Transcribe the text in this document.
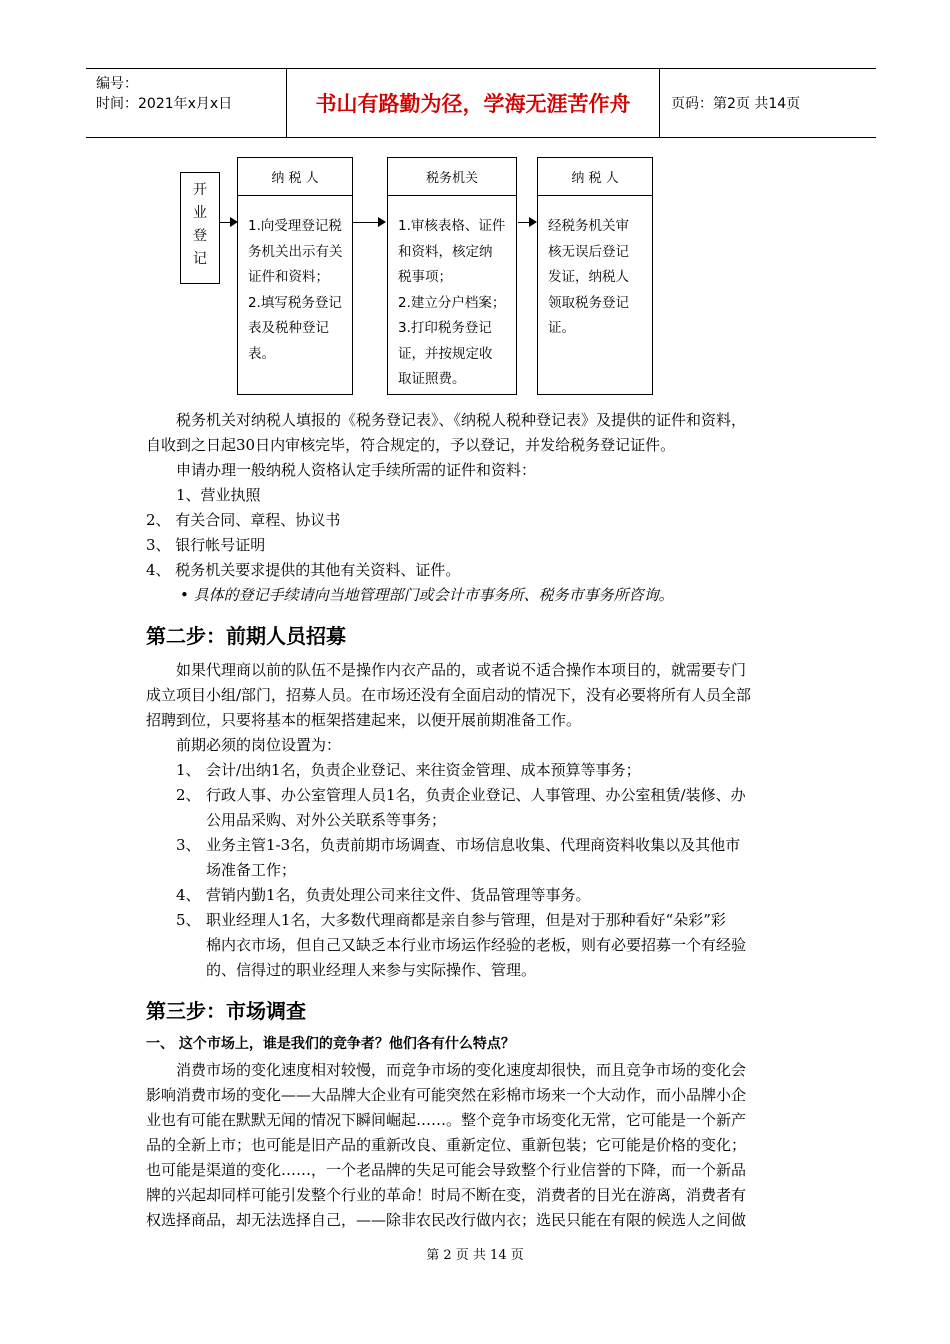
编号：
时间：2021年x月x日	书山有路勤为径，学海无涯苦作舟	页码：第2页 共14页
开
业
登
记
纳 税 人

1.向受理登记税

务机关出示有关

证件和资料；

2.填写税务登记

表及税种登记

表。

税务机关

1.审核表格、证件

和资料，核定纳

税事项；

2.建立分户档案；

3.打印税务登记

证，并按规定收

取证照费。

纳 税 人

经税务机关审

核无误后登记

发证，纳税人

领取税务登记

证。

税务机关对纳税人填报的《税务登记表》、《纳税人税种登记表》及提供的证件和资料，
自收到之日起30日内审核完毕，符合规定的，予以登记，并发给税务登记证件。
申请办理一般纳税人资格认定手续所需的证件和资料：
1、营业执照
2、 有关合同、章程、协议书
3、 银行帐号证明
4、 税务机关要求提供的其他有关资料、证件。
• 具体的登记手续请向当地管理部门或会计市事务所、税务市事务所咨询。
第二步：前期人员招募
如果代理商以前的队伍不是操作内衣产品的，或者说不适合操作本项目的，就需要专门
成立项目小组/部门，招募人员。在市场还没有全面启动的情况下，没有必要将所有人员全部
招聘到位，只要将基本的框架搭建起来，以便开展前期准备工作。
前期必须的岗位设置为：
1、 会计/出纳1名，负责企业登记、来往资金管理、成本预算等事务；
2、 行政人事、办公室管理人员1名，负责企业登记、人事管理、办公室租赁/装修、办
公用品采购、对外公关联系等事务；
3、 业务主管1-3名，负责前期市场调查、市场信息收集、代理商资料收集以及其他市
场准备工作；
4、 营销内勤1名，负责处理公司来往文件、货品管理等事务。
5、 职业经理人1名，大多数代理商都是亲自参与管理，但是对于那种看好“朵彩”彩
棉内衣市场，但自己又缺乏本行业市场运作经验的老板，则有必要招募一个有经验
的、信得过的职业经理人来参与实际操作、管理。
第三步：市场调查
一、 这个市场上，谁是我们的竞争者？他们各有什么特点？
消费市场的变化速度相对较慢，而竞争市场的变化速度却很快，而且竞争市场的变化会
影响消费市场的变化——大品牌大企业有可能突然在彩棉市场来一个大动作，而小品牌小企
业也有可能在默默无闻的情况下瞬间崛起……。整个竞争市场变化无常，它可能是一个新产
品的全新上市；也可能是旧产品的重新改良、重新定位、重新包装；它可能是价格的变化；
也可能是渠道的变化……，一个老品牌的失足可能会导致整个行业信誉的下降，而一个新品
牌的兴起却同样可能引发整个行业的革命！时局不断在变，消费者的目光在游离，消费者有
权选择商品，却无法选择自己，——除非农民改行做内衣；选民只能在有限的候选人之间做
第 2 页 共 14 页
